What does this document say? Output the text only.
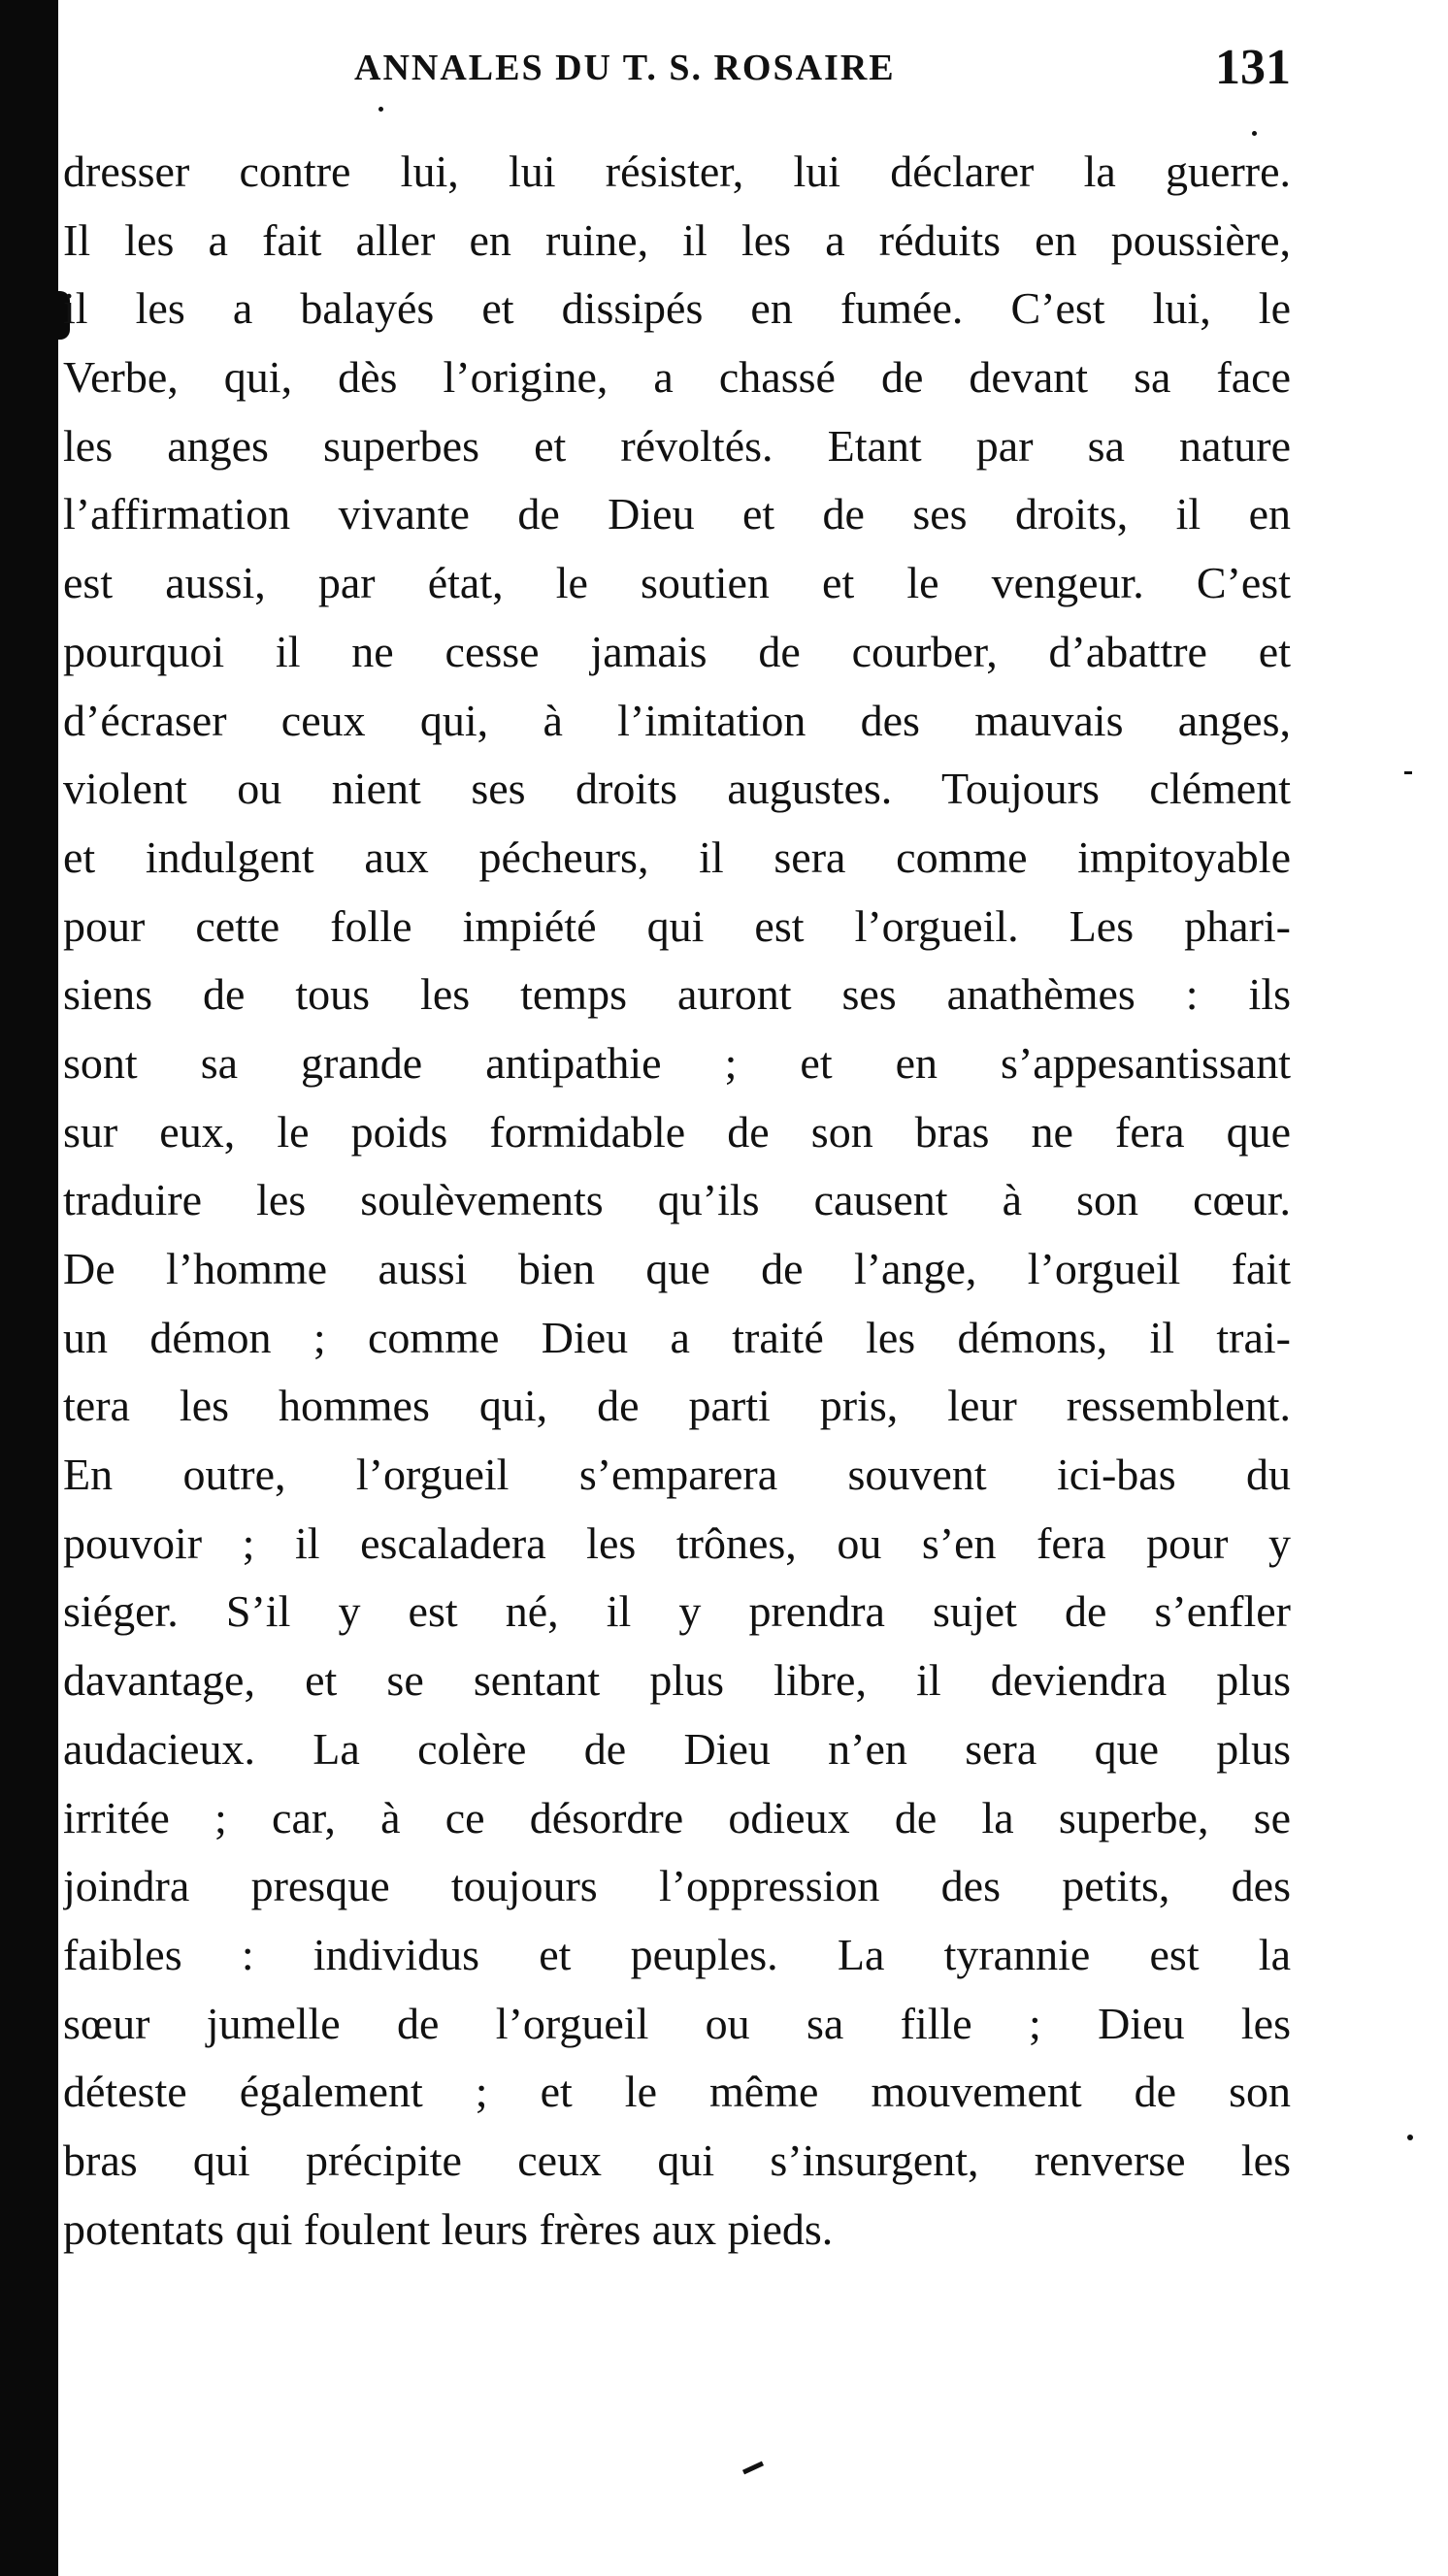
ANNALES DU T. S. ROSAIRE	131
dresser contre lui, lui résister, lui déclarer la guerre.
Il les a fait aller en ruine, il les a réduits en poussière,
il les a balayés et dissipés en fumée. C’est lui, le
Verbe, qui, dès l’origine, a chassé de devant sa face
les anges superbes et révoltés. Etant par sa nature
l’affirmation vivante de Dieu et de ses droits, il en
est aussi, par état, le soutien et le vengeur. C’est
pourquoi il ne cesse jamais de courber, d’abattre et
d’écraser ceux qui, à l’imitation des mauvais anges,
violent ou nient ses droits augustes. Toujours clément
et indulgent aux pécheurs, il sera comme impitoyable
pour cette folle impiété qui est l’orgueil. Les phari-
siens de tous les temps auront ses anathèmes : ils
sont sa grande antipathie ; et en s’appesantissant
sur eux, le poids formidable de son bras ne fera que
traduire les soulèvements qu’ils causent à son cœur.
De l’homme aussi bien que de l’ange, l’orgueil fait
un démon ; comme Dieu a traité les démons, il trai-
tera les hommes qui, de parti pris, leur ressemblent.
En outre, l’orgueil s’emparera souvent ici-bas du
pouvoir ; il escaladera les trônes, ou s’en fera pour y
siéger. S’il y est né, il y prendra sujet de s’enfler
davantage, et se sentant plus libre, il deviendra plus
audacieux. La colère de Dieu n’en sera que plus
irritée ; car, à ce désordre odieux de la superbe, se
joindra presque toujours l’oppression des petits, des
faibles : individus et peuples. La tyrannie est la
sœur jumelle de l’orgueil ou sa fille ; Dieu les
déteste également ; et le même mouvement de son
bras qui précipite ceux qui s’insurgent, renverse les
potentats qui foulent leurs frères aux pieds.
